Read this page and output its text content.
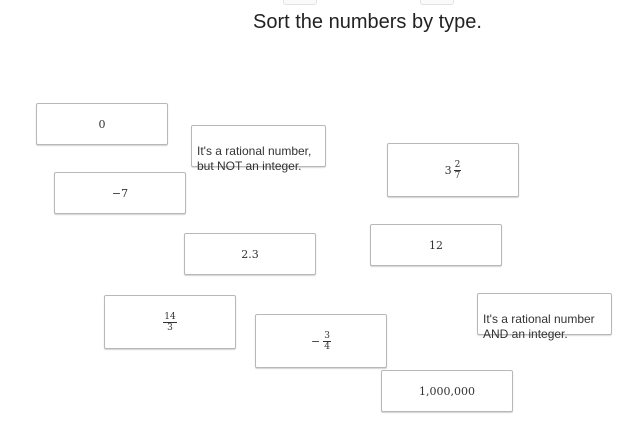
Sort the numbers by type.
0

It's a rational number,
but NOT an integer.	$3 \frac{2}{7}$
−7
12
2.3
$\frac{14}{3}$	It's a rational number
AND an integer.

− $\frac{3}{4}$
1,000,000
